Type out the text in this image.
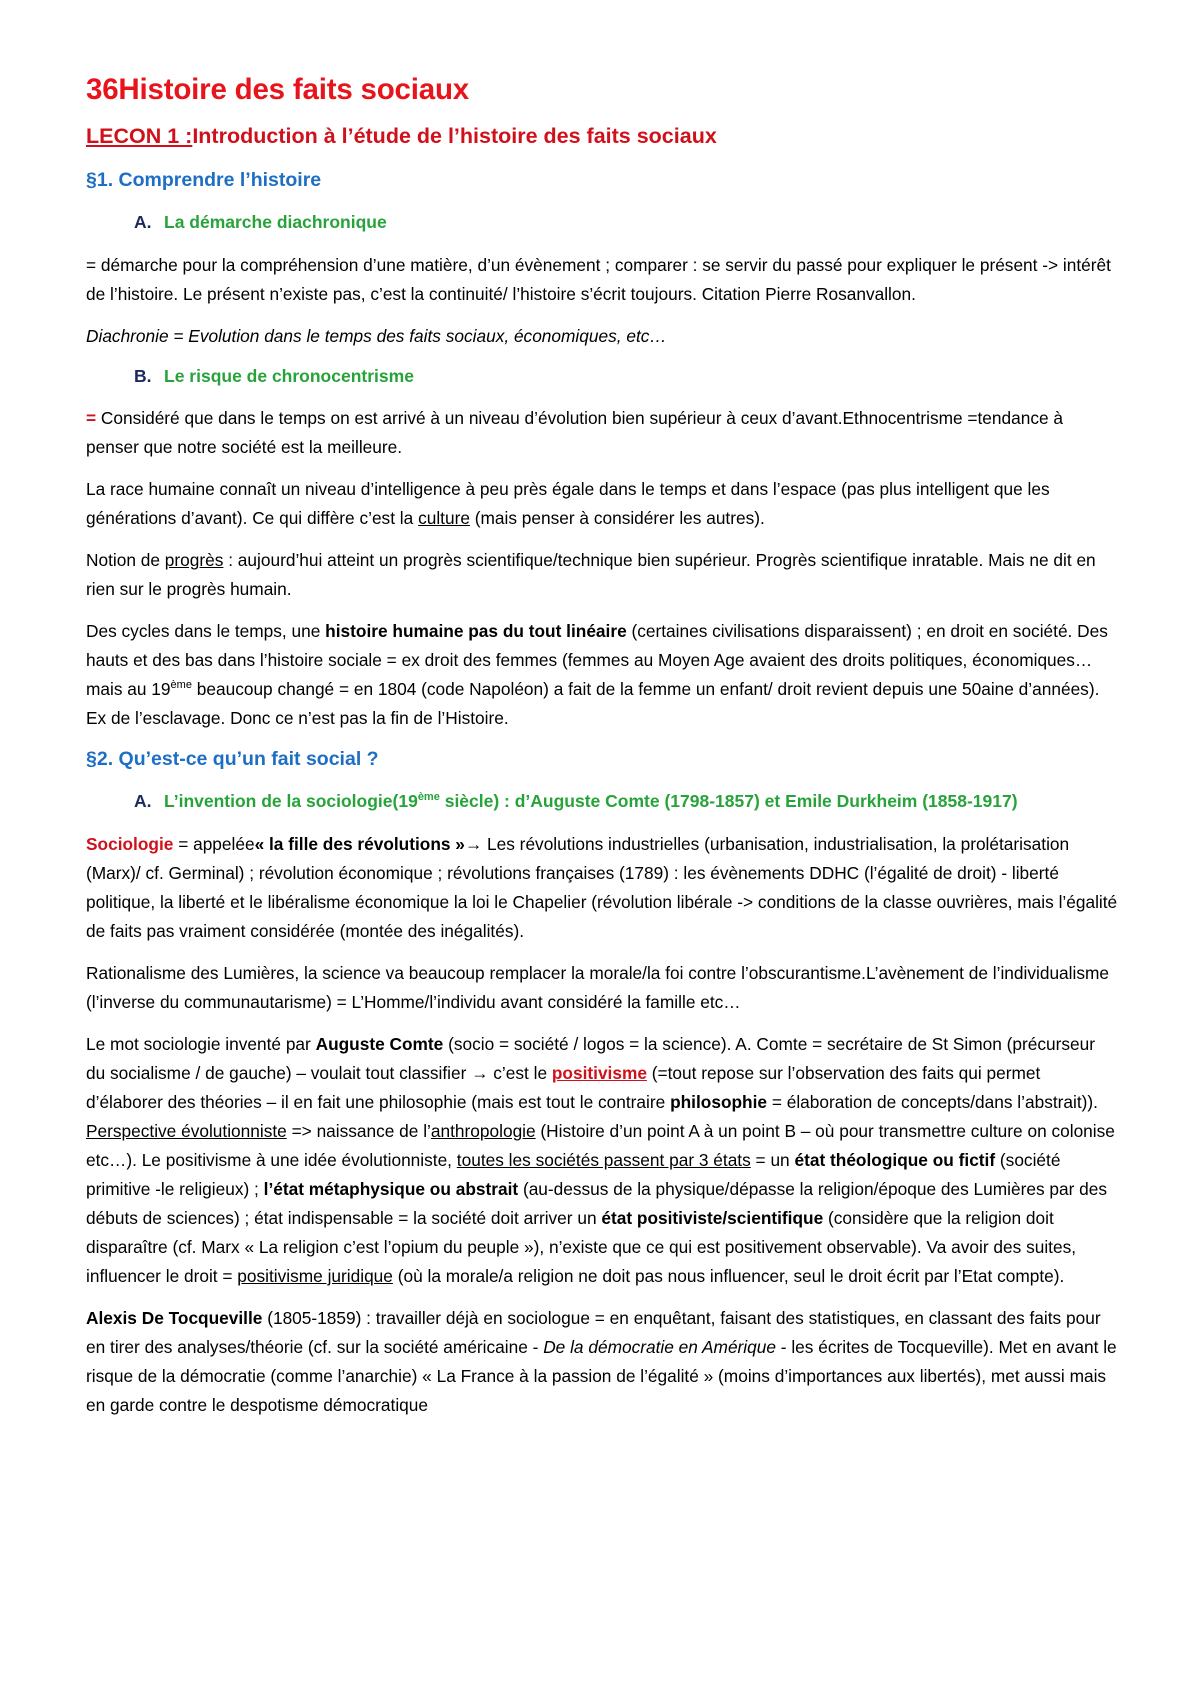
36Histoire des faits sociaux
LECON 1 :Introduction à l’étude de l’histoire des faits sociaux
§1. Comprendre l’histoire
A. La démarche diachronique

= démarche pour la compréhension d’une matière, d’un évènement ; comparer : se servir du passé pour expliquer le présent -> intérêt de l’histoire. Le présent n’existe pas, c’est la continuité/ l’histoire s’écrit toujours. Citation Pierre Rosanvallon.

Diachronie = Evolution dans le temps des faits sociaux, économiques, etc…

B. Le risque de chronocentrisme

= Considéré que dans le temps on est arrivé à un niveau d’évolution bien supérieur à ceux d’avant.Ethnocentrisme =tendance à penser que notre société est la meilleure.

La race humaine connaît un niveau d’intelligence à peu près égale dans le temps et dans l’espace (pas plus intelligent que les générations d’avant). Ce qui diffère c’est la culture (mais penser à considérer les autres).

Notion de progrès : aujourd’hui atteint un progrès scientifique/technique bien supérieur. Progrès scientifique inratable. Mais ne dit en rien sur le progrès humain.

Des cycles dans le temps, une histoire humaine pas du tout linéaire (certaines civilisations disparaissent) ; en droit en société. Des hauts et des bas dans l’histoire sociale = ex droit des femmes (femmes au Moyen Age avaient des droits politiques, économiques… mais au 19ème beaucoup changé = en 1804 (code Napoléon) a fait de la femme un enfant/ droit revient depuis une 50aine d’années). Ex de l’esclavage. Donc ce n’est pas la fin de l’Histoire.

§2. Qu’est-ce qu’un fait social ?
A. L’invention de la sociologie(19ème siècle) : d’Auguste Comte (1798-1857) et Emile Durkheim (1858-1917)

Sociologie = appelée« la fille des révolutions »→ Les révolutions industrielles (urbanisation, industrialisation, la prolétarisation (Marx)/ cf. Germinal) ; révolution économique ; révolutions françaises (1789) : les évènements DDHC (l’égalité de droit) - liberté politique, la liberté et le libéralisme économique la loi le Chapelier (révolution libérale -> conditions de la classe ouvrières, mais l’égalité de faits pas vraiment considérée (montée des inégalités).

Rationalisme des Lumières, la science va beaucoup remplacer la morale/la foi contre l’obscurantisme.L’avènement de l’individualisme (l’inverse du communautarisme) = L’Homme/l’individu avant considéré la famille etc…

Le mot sociologie inventé par Auguste Comte (socio = société / logos = la science). A. Comte = secrétaire de St Simon (précurseur du socialisme / de gauche) – voulait tout classifier → c’est le positivisme (=tout repose sur l’observation des faits qui permet d’élaborer des théories – il en fait une philosophie (mais est tout le contraire philosophie = élaboration de concepts/dans l’abstrait)). Perspective évolutionniste => naissance de l’anthropologie (Histoire d’un point A à un point B – où pour transmettre culture on colonise etc…). Le positivisme à une idée évolutionniste, toutes les sociétés passent par 3 états = un état théologique ou fictif (société primitive -le religieux) ; l’état métaphysique ou abstrait (au-dessus de la physique/dépasse la religion/époque des Lumières par des débuts de sciences) ; état indispensable = la société doit arriver un état positiviste/scientifique (considère que la religion doit disparaître (cf. Marx « La religion c’est l’opium du peuple »), n’existe que ce qui est positivement observable). Va avoir des suites, influencer le droit = positivisme juridique (où la morale/a religion ne doit pas nous influencer, seul le droit écrit par l’Etat compte).

Alexis De Tocqueville (1805-1859) : travailler déjà en sociologue = en enquêtant, faisant des statistiques, en classant des faits pour en tirer des analyses/théorie (cf. sur la société américaine - De la démocratie en Amérique - les écrites de Tocqueville). Met en avant le risque de la démocratie (comme l’anarchie) « La France à la passion de l’égalité » (moins d’importances aux libertés), met aussi mais en garde contre le despotisme démocratique
